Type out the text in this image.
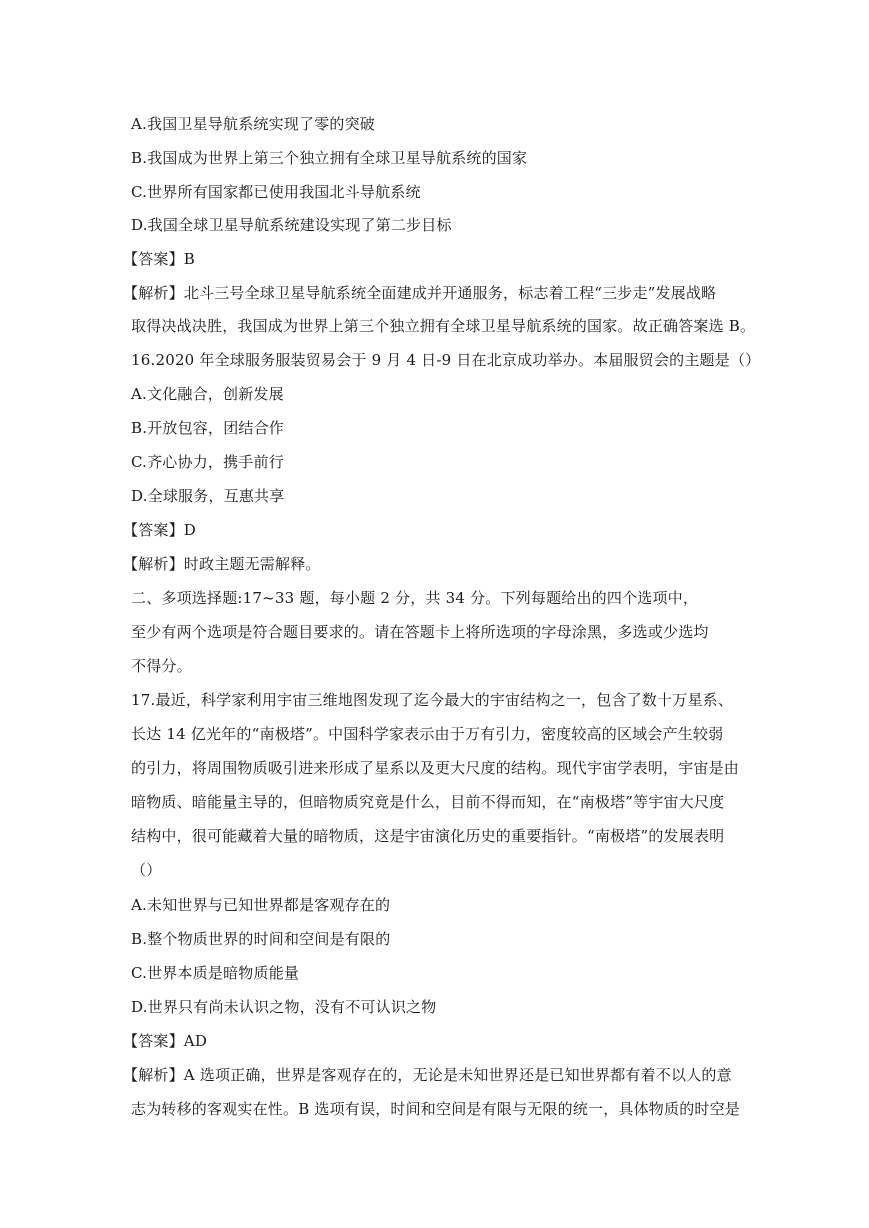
A.我国卫星导航系统实现了零的突破
B.我国成为世界上第三个独立拥有全球卫星导航系统的国家
C.世界所有国家都已使用我国北斗导航系统
D.我国全球卫星导航系统建设实现了第二步目标
【答案】B
【解析】北斗三号全球卫星导航系统全面建成并开通服务，标志着工程“三步走”发展战略
取得决战决胜，我国成为世界上第三个独立拥有全球卫星导航系统的国家。故正确答案选 B。
16.2020 年全球服务服装贸易会于 9 月 4 日-9 日在北京成功举办。本届服贸会的主题是（）
A.文化融合，创新发展
B.开放包容，团结合作
C.齐心协力，携手前行
D.全球服务，互惠共享
【答案】D
【解析】时政主题无需解释。
二、多项选择题:17~33 题，每小题 2 分，共 34 分。下列每题给出的四个选项中，
至少有两个选项是符合题目要求的。请在答题卡上将所选项的字母涂黑，多选或少选均
不得分。
17.最近，科学家利用宇宙三维地图发现了迄今最大的宇宙结构之一，包含了数十万星系、
长达 14 亿光年的“南极塔”。中国科学家表示由于万有引力，密度较高的区域会产生较弱
的引力，将周围物质吸引进来形成了星系以及更大尺度的结构。现代宇宙学表明，宇宙是由
暗物质、暗能量主导的，但暗物质究竟是什么，目前不得而知，在“南极塔”等宇宙大尺度
结构中，很可能藏着大量的暗物质，这是宇宙演化历史的重要指针。“南极塔”的发展表明
（）
A.未知世界与已知世界都是客观存在的
B.整个物质世界的时间和空间是有限的
C.世界本质是暗物质能量
D.世界只有尚未认识之物，没有不可认识之物
【答案】AD
【解析】A 选项正确，世界是客观存在的，无论是未知世界还是已知世界都有着不以人的意
志为转移的客观实在性。B 选项有误，时间和空间是有限与无限的统一，具体物质的时空是
